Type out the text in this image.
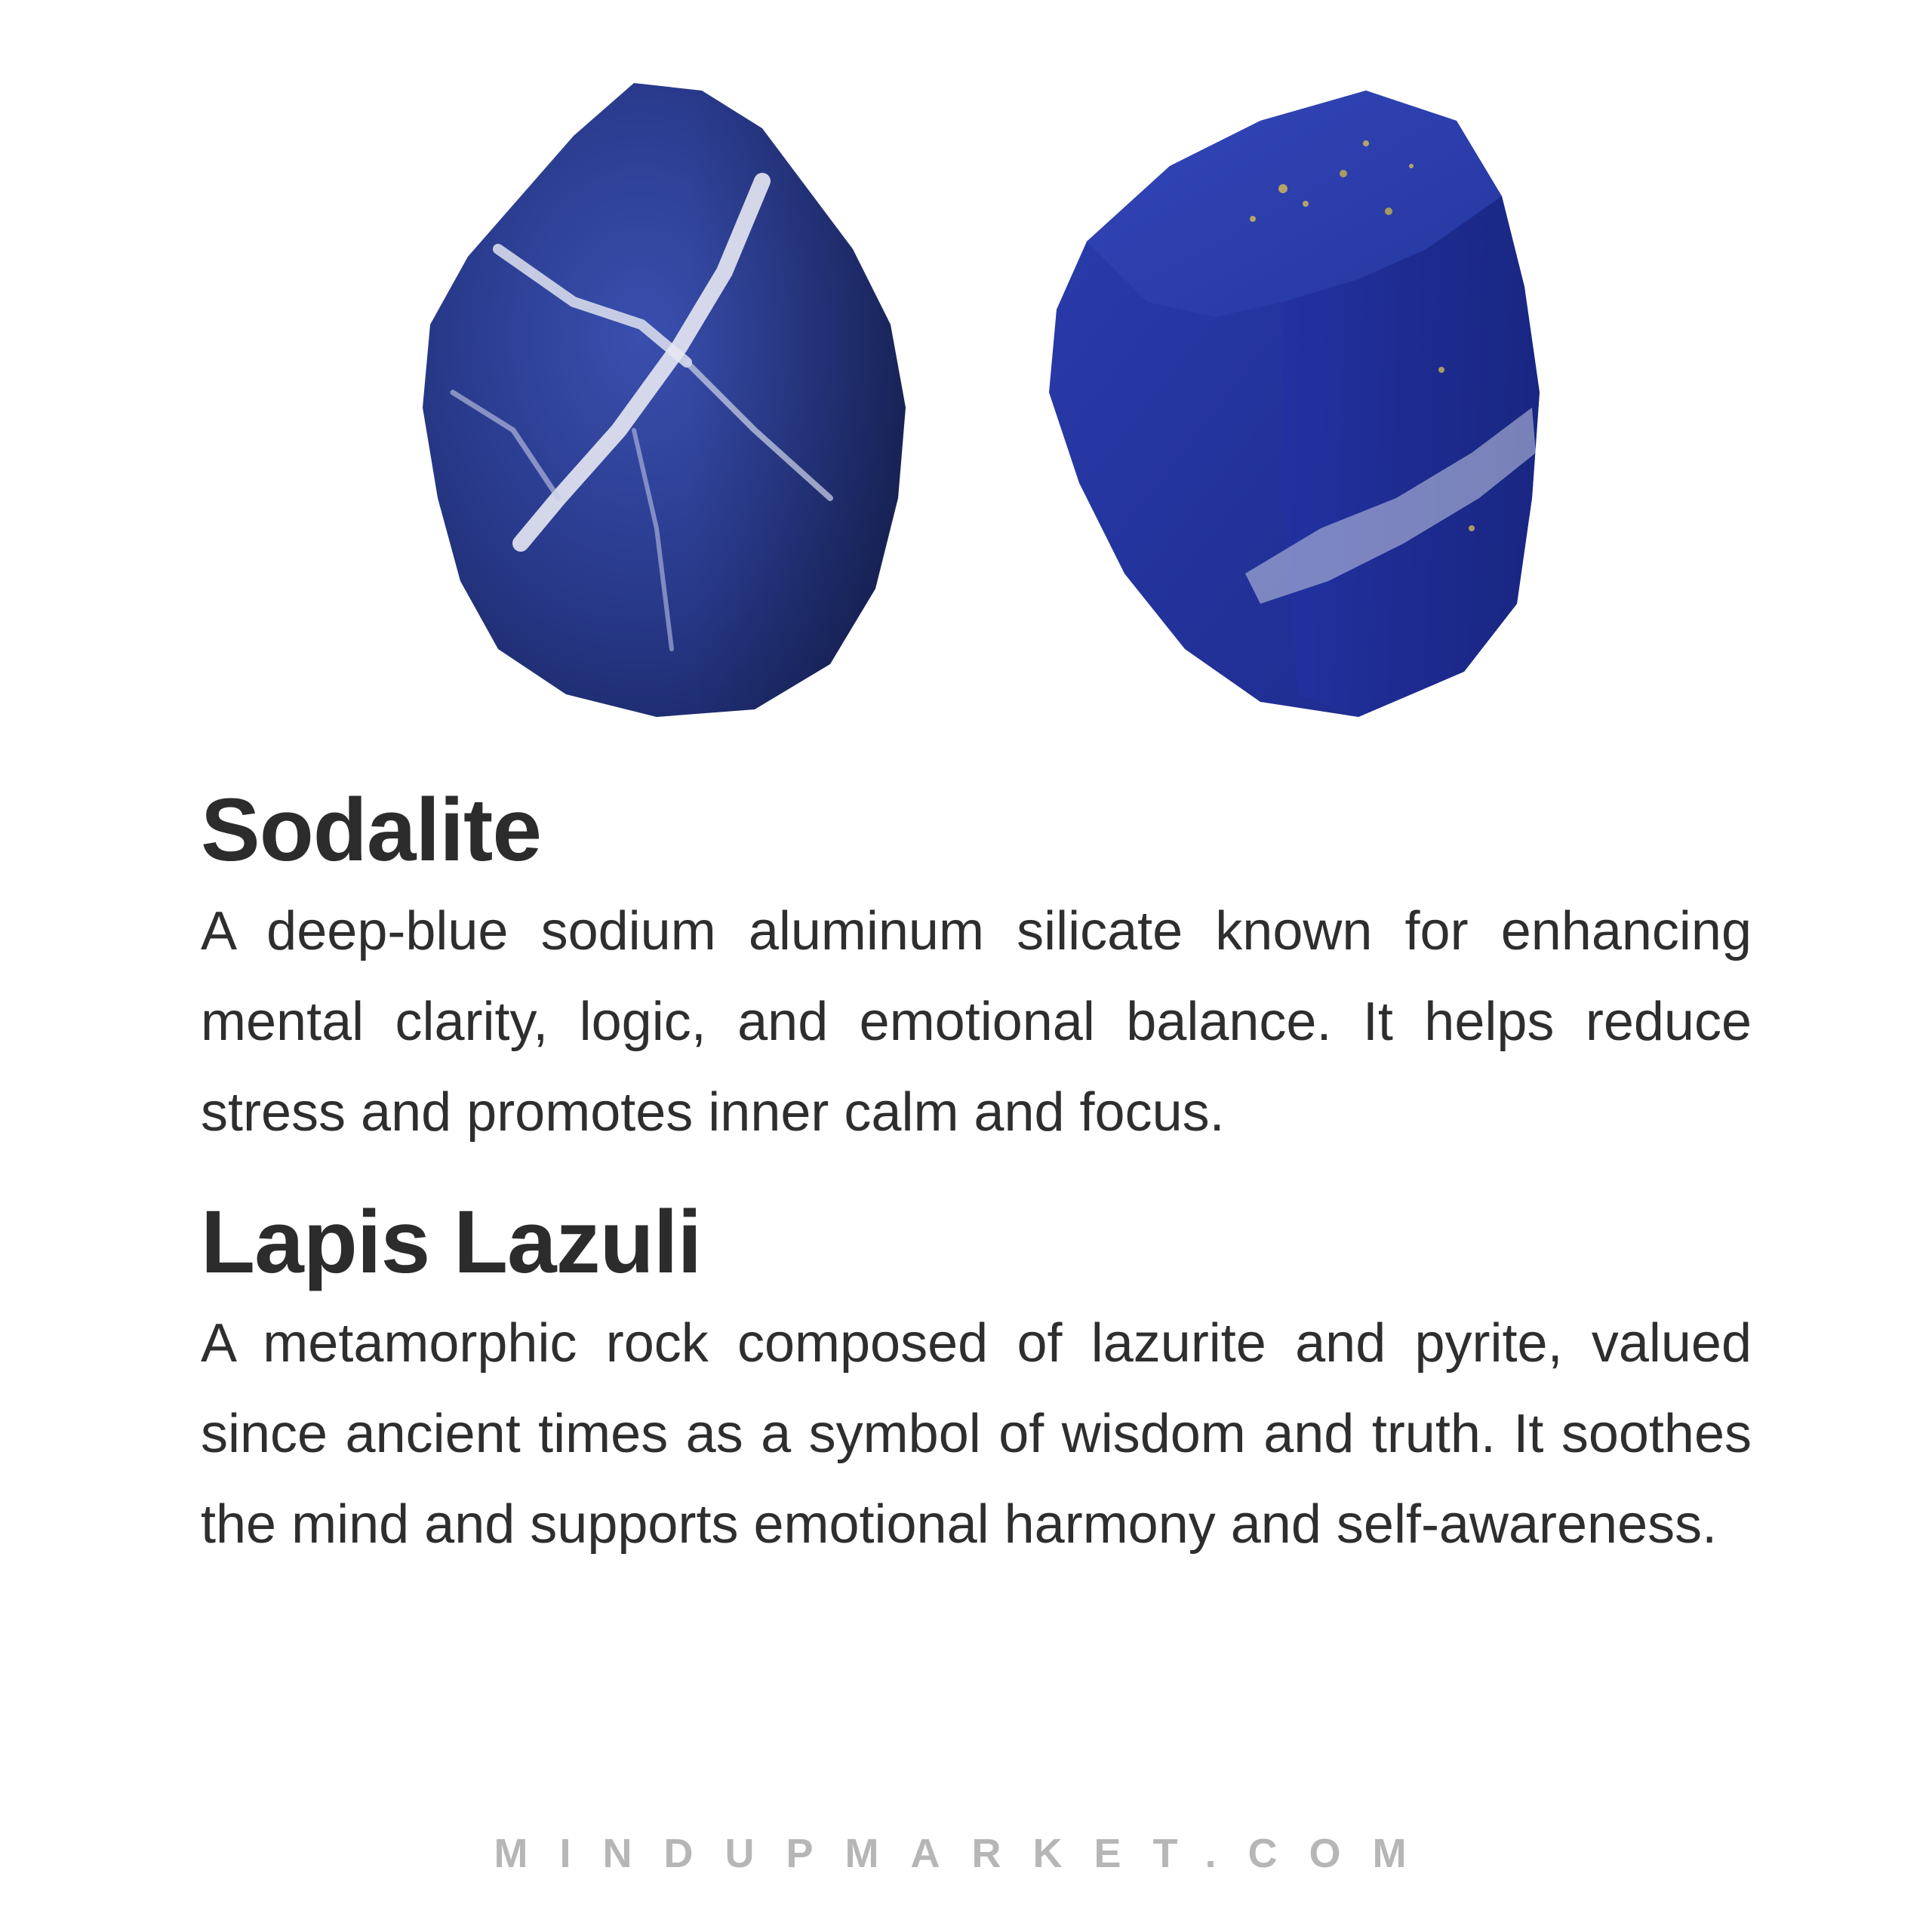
Sodalite

A deep-blue sodium aluminum silicate known for enhancing mental clarity, logic, and emotional balance. It helps reduce stress and promotes inner calm and focus.

Lapis Lazuli

A metamorphic rock composed of lazurite and pyrite, valued since ancient times as a symbol of wisdom and truth. It soothes the mind and supports emotional harmony and self-awareness.

MINDUPMARKET.COM
